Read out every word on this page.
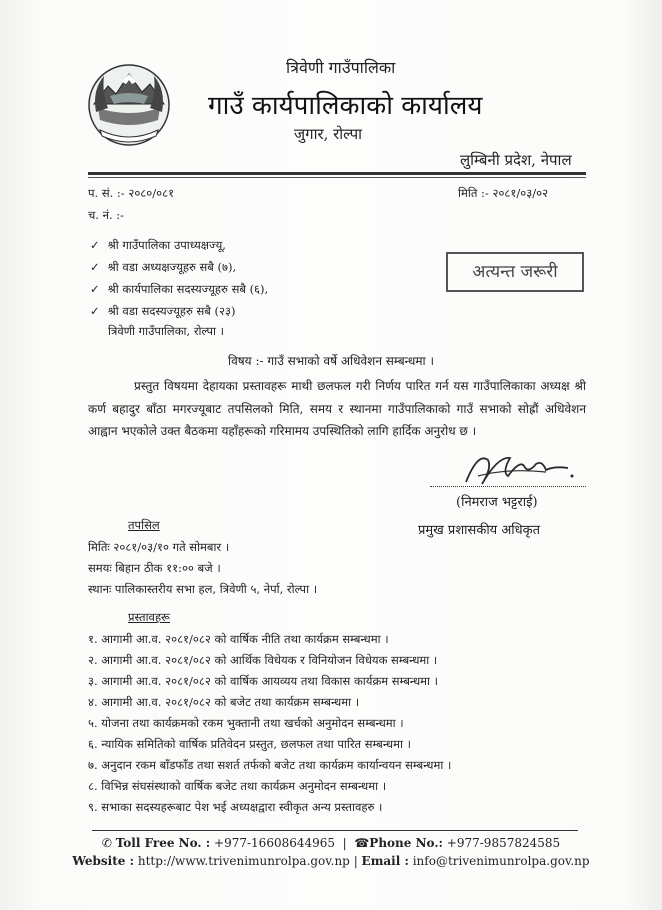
त्रिवेणी गाउँपालिका
गाउँ कार्यपालिकाको कार्यालय
जुगार, रोल्पा
लुम्बिनी प्रदेश, नेपाल
प. सं. :- २०८०/०८१
च. नं. :-
मिति :- २०८१/०३/०२
✓ श्री गाउँपालिका उपाध्यक्षज्यू,
✓ श्री वडा अध्यक्षज्यूहरु सबै (७),
✓ श्री कार्यपालिका सदस्यज्यूहरु सबै (६),
✓ श्री वडा सदस्यज्यूहरु सबै (२३)
त्रिवेणी गाउँपालिका, रोल्पा ।
अत्यन्त जरूरी
विषय :- गाउँ सभाको वर्षे अधिवेशन सम्बन्धमा ।
प्रस्तुत विषयमा देहायका प्रस्तावहरू माथी छलफल गरी निर्णय पारित गर्न यस गाउँपालिकाका अध्यक्ष श्री कर्ण बहादुर बाँठा मगरज्यूबाट तपसिलको मिति, समय र स्थानमा गाउँपालिकाको गाउँ सभाको सोह्रौं अधिवेशन आह्वान भएकोले उक्त बैठकमा यहाँहरूको गरिमामय उपस्थितिको लागि हार्दिक अनुरोध छ ।
(निमराज भट्टराई)
प्रमुख प्रशासकीय अधिकृत
तपसिल
मितिः २०८१/०३/१० गते सोमबार ।
समयः बिहान ठीक ११:०० बजे ।
स्थानः पालिकास्तरीय सभा हल, त्रिवेणी ५, नेर्पा, रोल्पा ।
प्रस्तावहरू
१. आगामी आ.व. २०८१/०८२ को वार्षिक नीति तथा कार्यक्रम सम्बन्धमा ।
२. आगामी आ.व. २०८१/०८२ को आर्थिक विधेयक र विनियोजन विधेयक सम्बन्धमा ।
३. आगामी आ.व. २०८१/०८२ को वार्षिक आयव्यय तथा विकास कार्यक्रम सम्बन्धमा ।
४. आगामी आ.व. २०८१/०८२ को बजेट तथा कार्यक्रम सम्बन्धमा ।
५. योजना तथा कार्यक्रमको रकम भुक्तानी तथा खर्चको अनुमोदन सम्बन्धमा ।
६. न्यायिक समितिको वार्षिक प्रतिवेदन प्रस्तुत, छलफल तथा पारित सम्बन्धमा ।
७. अनुदान रकम बाँडफाँड तथा सशर्त तर्फको बजेट तथा कार्यक्रम कार्यान्वयन सम्बन्धमा ।
८. विभिन्न संघसंस्थाको वार्षिक बजेट तथा कार्यक्रम अनुमोदन सम्बन्धमा ।
९. सभाका सदस्यहरूबाट पेश भई अध्यक्षद्वारा स्वीकृत अन्य प्रस्तावहरु ।
✆ Toll Free No. : +977-16608644965  |  ☎Phone No.: +977-9857824585
Website : http://www.trivenimunrolpa.gov.np | Email : info@trivenimunrolpa.gov.np
